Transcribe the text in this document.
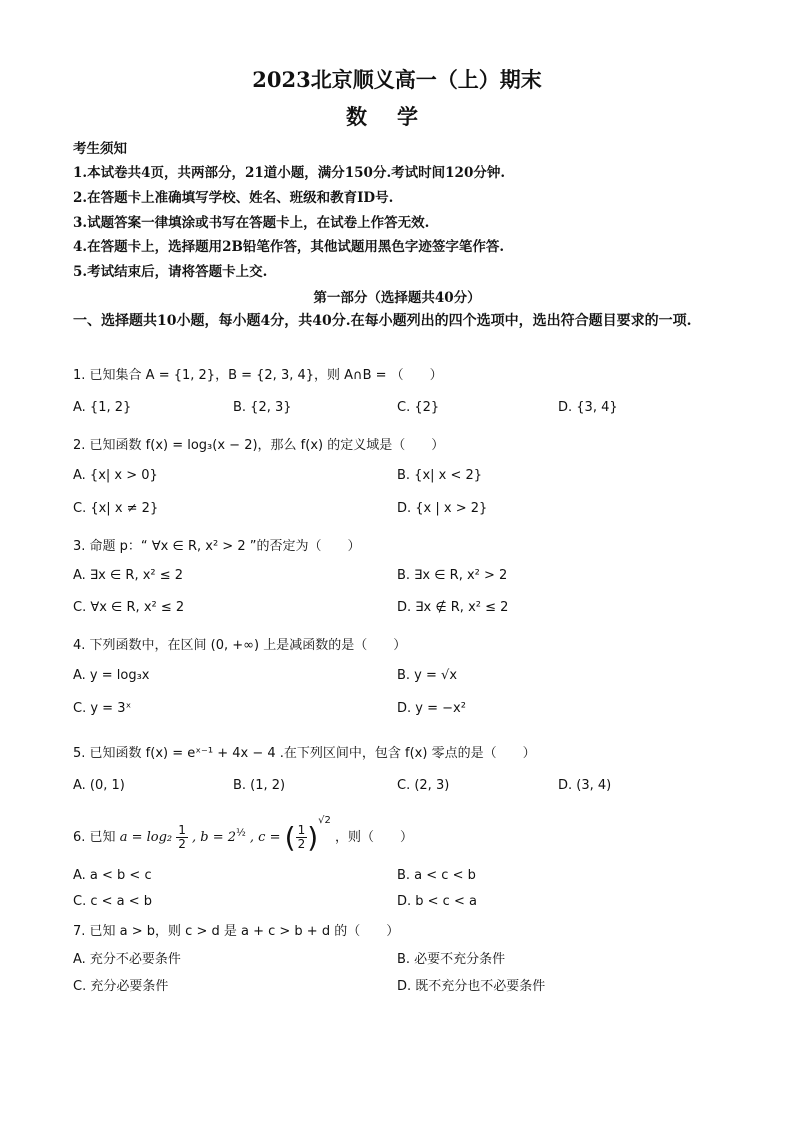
2023北京顺义高一（上）期末
数学
考生须知
1.本试卷共4页，共两部分，21道小题，满分150分.考试时间120分钟.
2.在答题卡上准确填写学校、姓名、班级和教育ID号.
3.试题答案一律填涂或书写在答题卡上，在试卷上作答无效.
4.在答题卡上，选择题用2B铅笔作答，其他试题用黑色字迹签字笔作答.
5.考试结束后，请将答题卡上交.
第一部分（选择题共40分）
一、选择题共10小题，每小题4分，共40分.在每小题列出的四个选项中，选出符合题目要求的一项.
1. 已知集合 A = {1, 2}，B = {2, 3, 4}，则 A∩B = （　　）
A. {1, 2}	B. {2, 3}	C. {2}	D. {3, 4}
2. 已知函数 f(x) = log₃(x − 2)，那么 f(x) 的定义域是（　　）
A. {x| x > 0}	B. {x| x < 2}
C. {x| x ≠ 2}	D. {x | x > 2}
3. 命题 p：“ ∀x ∈ R, x² > 2 ”的否定为（　　）
A. ∃x ∈ R, x² ≤ 2	B. ∃x ∈ R, x² > 2
C. ∀x ∈ R, x² ≤ 2	D. ∃x ∉ R, x² ≤ 2
4. 下列函数中，在区间 (0, +∞) 上是减函数的是（　　）
A. y = log₃x	B. y = √x
C. y = 3ˣ	D. y = −x²
5. 已知函数 f(x) = eˣ⁻¹ + 4x − 4 .在下列区间中，包含 f(x) 零点的是（　　）
A. (0, 1)	B. (1, 2)	C. (2, 3)	D. (3, 4)
6. 已知 $a = \log_2 \frac{1}{2}$ , $b = 2^{\frac{1}{2}}$ , c = ( $\frac{1}{2} )^{√2}$ ，则（　　）
A. a < b < c	B. a < c < b
C. c < a < b	D. b < c < a
7. 已知 a > b，则 c > d 是 a + c > b + d 的（　　）
A. 充分不必要条件	B. 必要不充分条件
C. 充分必要条件	D. 既不充分也不必要条件
